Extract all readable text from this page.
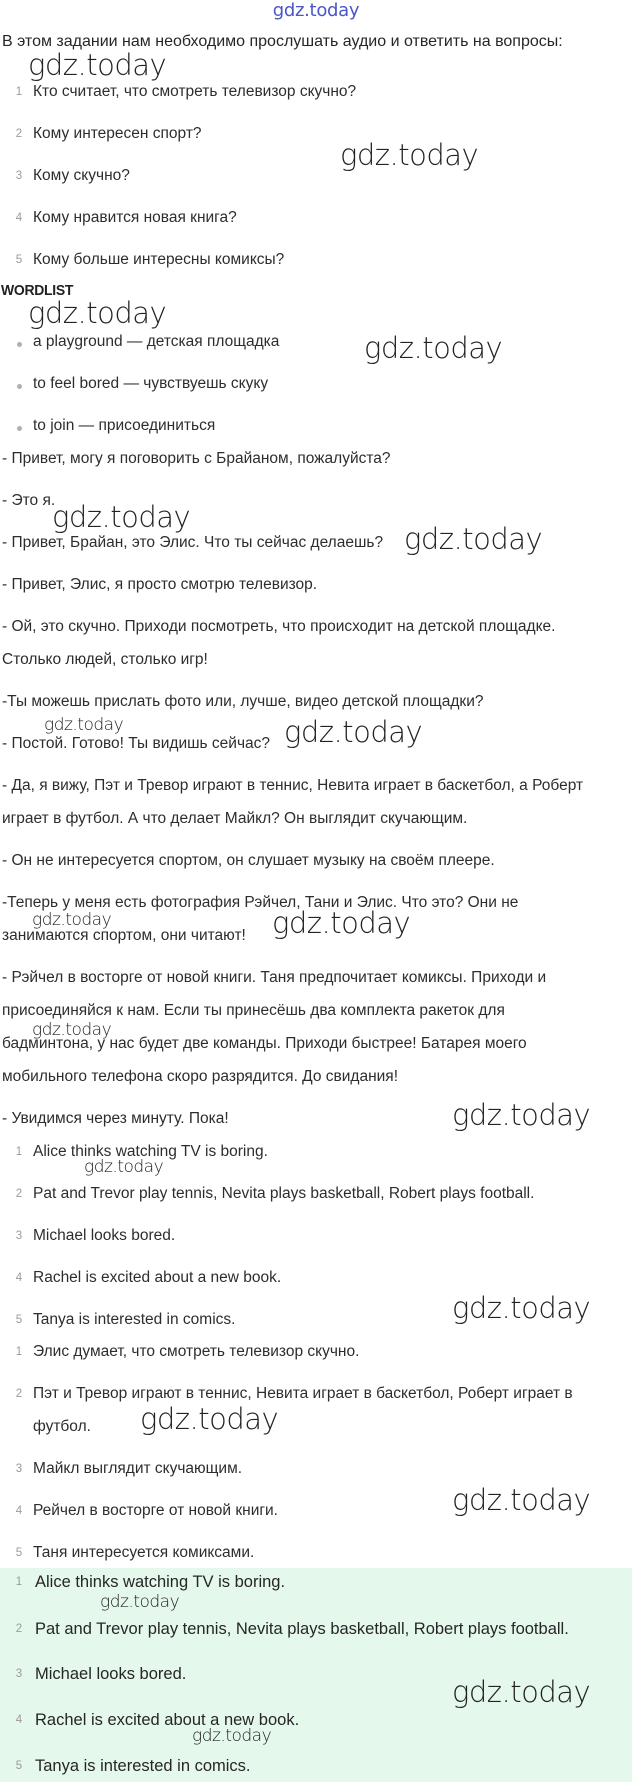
gdz.today
В этом задании нам необходимо прослушать аудио и ответить на вопросы:
1 Кто считает, что смотреть телевизор скучно?
2 Кому интересен спорт?
3 Кому скучно?
4 Кому нравится новая книга?
5 Кому больше интересны комиксы?
WORDLIST
a playground — детская площадка
to feel bored — чувствуешь скуку
to join — присоединиться
- Привет, могу я поговорить с Брайаном, пожалуйста?
- Это я.
- Привет, Брайан, это Элис. Что ты сейчас делаешь?
- Привет, Элис, я просто смотрю телевизор.
- Ой, это скучно. Приходи посмотреть, что происходит на детской площадке.
Столько людей, столько игр!
-Ты можешь прислать фото или, лучше, видео детской площадки?
- Постой. Готово! Ты видишь сейчас?
- Да, я вижу, Пэт и Тревор играют в теннис, Невита играет в баскетбол, а Роберт
играет в футбол. А что делает Майкл? Он выглядит скучающим.
- Он не интересуется спортом, он слушает музыку на своём плеере.
-Теперь у меня есть фотография Рэйчел, Тани и Элис. Что это? Они не
занимаются спортом, они читают!
- Рэйчел в восторге от новой книги. Таня предпочитает комиксы. Приходи и
присоединяйся к нам. Если ты принесёшь два комплекта ракеток для
бадминтона, у нас будет две команды. Приходи быстрее! Батарея моего
мобильного телефона скоро разрядится. До свидания!
- Увидимся через минуту. Пока!
1 Alice thinks watching TV is boring.
2 Pat and Trevor play tennis, Nevita plays basketball, Robert plays football.
3 Michael looks bored.
4 Rachel is excited about a new book.
5 Tanya is interested in comics.
1 Элис думает, что смотреть телевизор скучно.
2 Пэт и Тревор играют в теннис, Невита играет в баскетбол, Роберт играет в
футбол.
3 Майкл выглядит скучающим.
4 Рейчел в восторге от новой книги.
5 Таня интересуется комиксами.
1 Alice thinks watching TV is boring.
2 Pat and Trevor play tennis, Nevita plays basketball, Robert plays football.
3 Michael looks bored.
4 Rachel is excited about a new book.
5 Tanya is interested in comics.
gdz.today
gdz.today
gdz.today
gdz.today
gdz.today
gdz.today
gdz.today	gdz.today
gdz.today	gdz.today
gdz.today
gdz.today
gdz.today
gdz.today
gdz.today
gdz.today
gdz.today
gdz.today
gdz.today
